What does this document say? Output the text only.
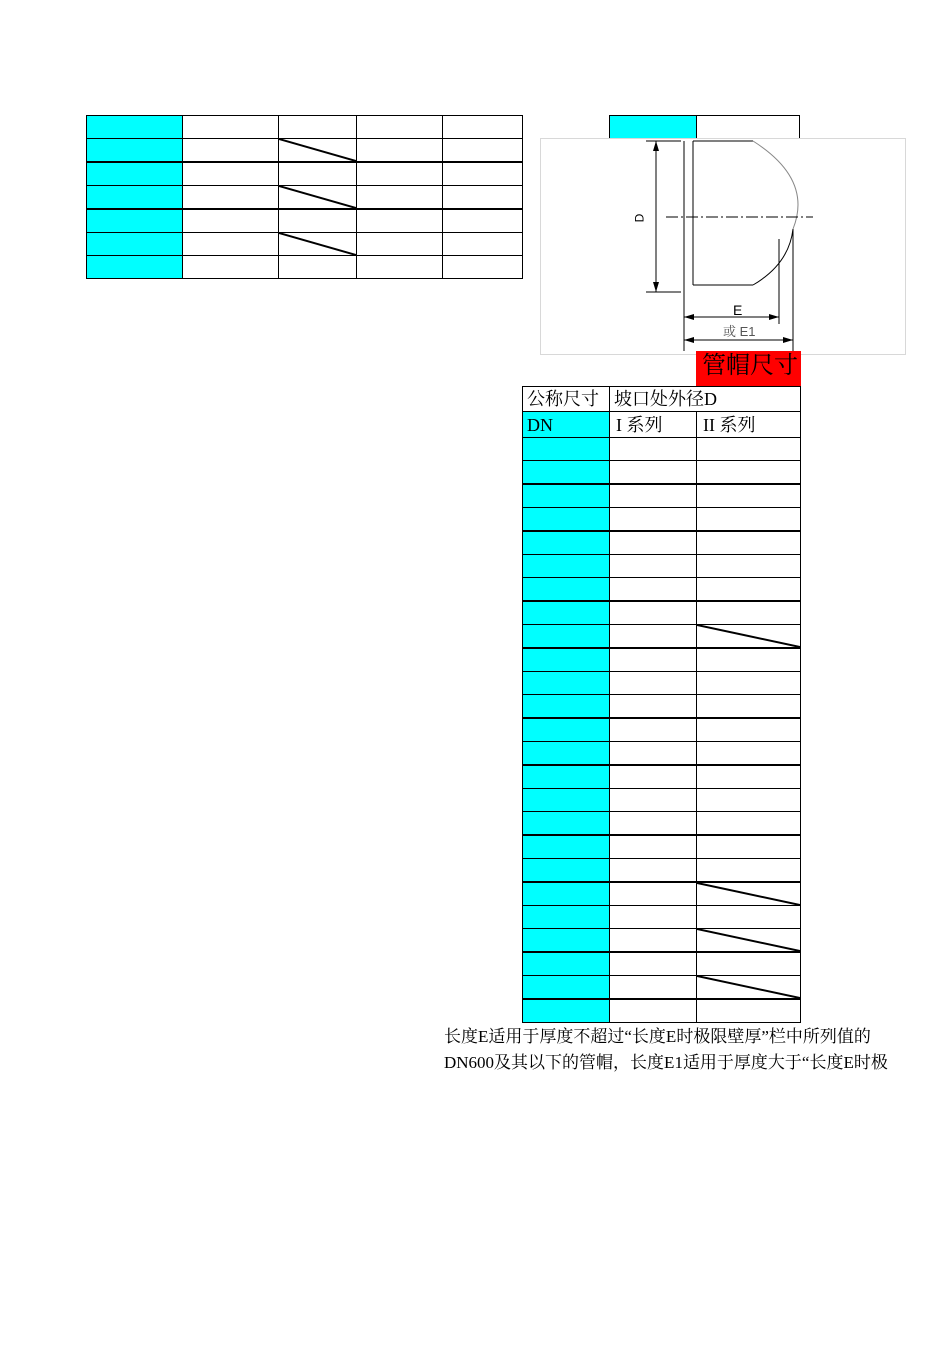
D
E
或 E1
管帽尺寸
公称尺寸 坡口处外径D
DN	I 系列 II 系列
长度E适用于厚度不超过“长度E时极限壁厚”栏中所列值的
DN600及其以下的管帽，长度E1适用于厚度大于“长度E时极
